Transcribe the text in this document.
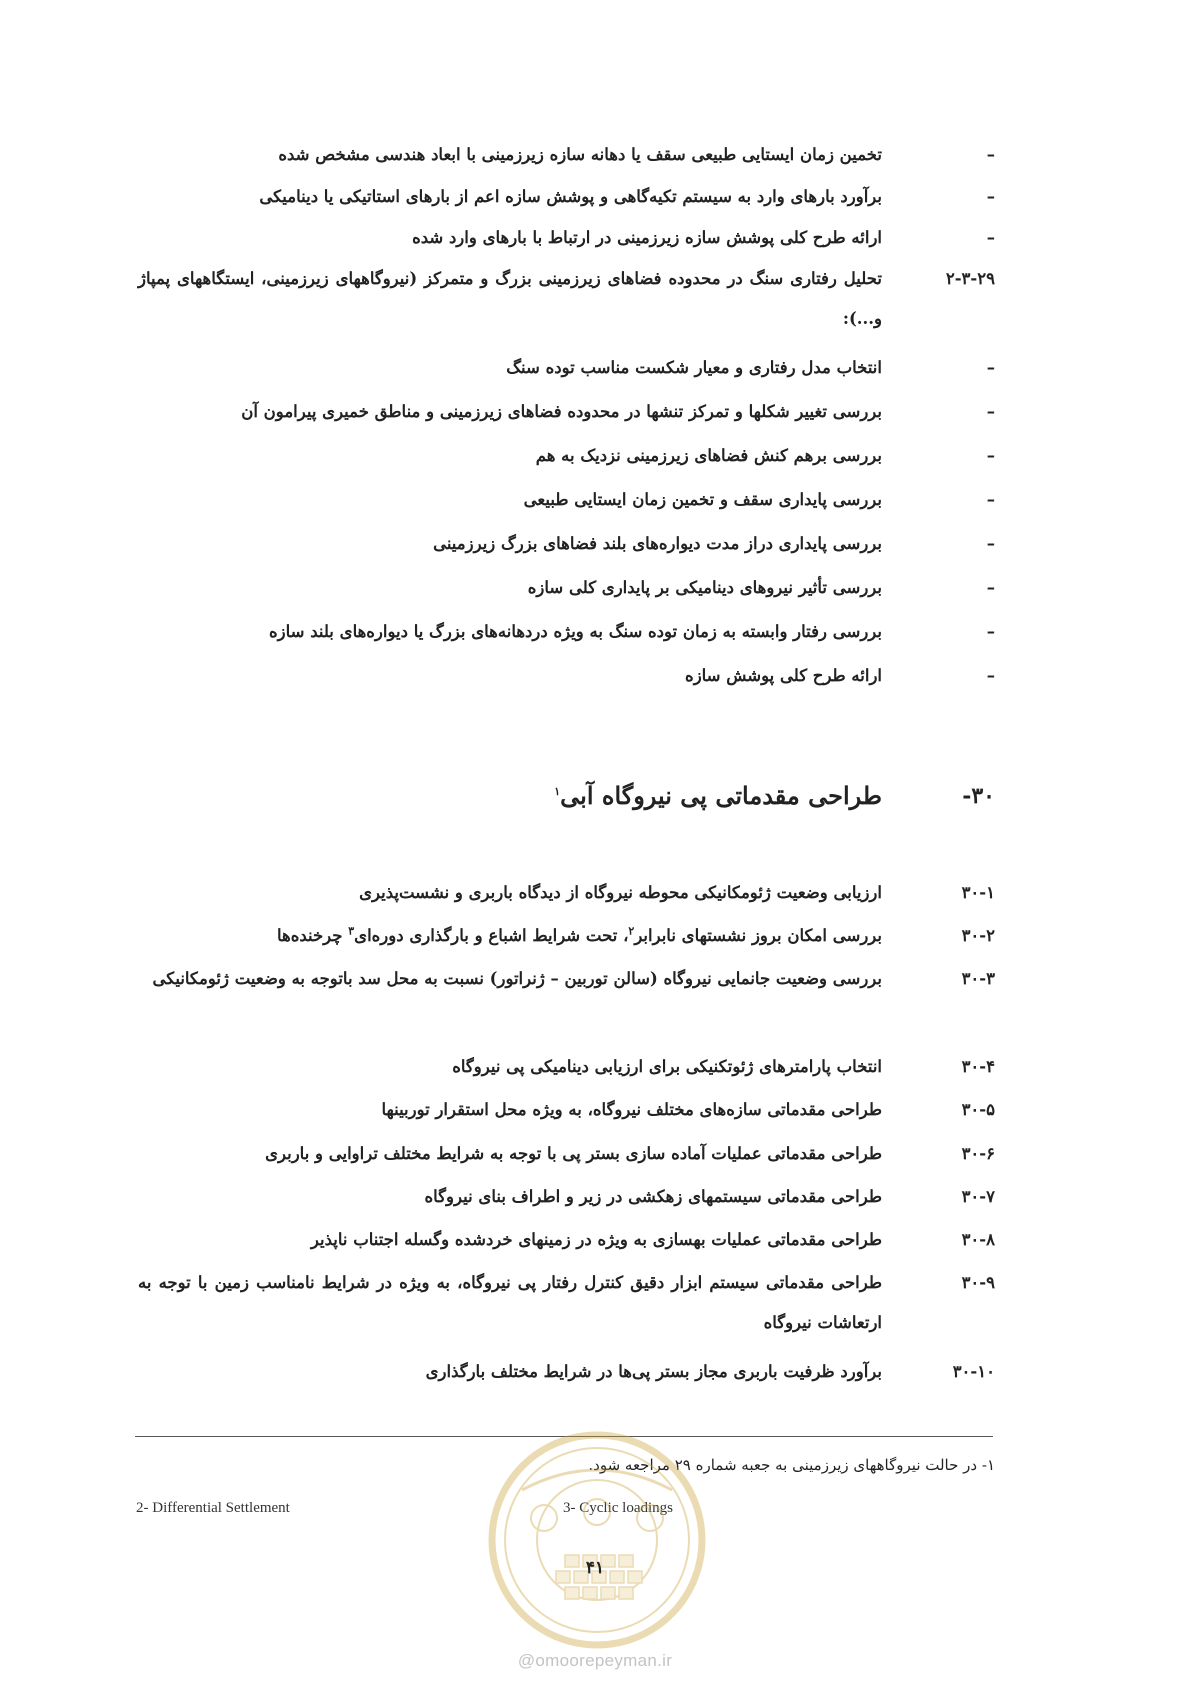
–
تخمین زمان ایستایی طبیعی سقف یا دهانه سازه زیرزمینی با ابعاد هندسی مشخص شده
–
برآورد بارهای وارد به سیستم تکیه‌گاهی و پوشش سازه اعم از بارهای استاتیکی یا دینامیکی
–
ارائه طرح کلی پوشش سازه زیرزمینی در ارتباط با بارهای وارد شده
۲-۳-۲۹
تحلیل رفتاری سنگ در محدوده فضاهای زیرزمینی بزرگ و متمرکز (نیروگاههای زیرزمینی، ایستگاههای پمپاژ و...):
–
انتخاب مدل رفتاری و معیار شکست مناسب توده سنگ
–
بررسی تغییر شکلها و تمرکز تنشها در محدوده فضاهای زیرزمینی و مناطق خمیری پیرامون آن
–
بررسی برهم کنش فضاهای زیرزمینی نزدیک به هم
–
بررسی پایداری سقف و تخمین زمان ایستایی طبیعی
–
بررسی پایداری دراز مدت دیواره‌های بلند فضاهای بزرگ زیرزمینی
–
بررسی تأثیر نیروهای دینامیکی بر پایداری کلی سازه
–
بررسی رفتار وابسته به زمان توده سنگ به ویژه دردهانه‌های بزرگ یا دیواره‌های بلند سازه
–
ارائه طرح کلی پوشش سازه
۳۰-
طراحی مقدماتی پی نیروگاه آبی$^۱$
۳۰-۱
ارزیابی وضعیت ژئومکانیکی محوطه نیروگاه از دیدگاه باربری و نشست‌پذیری
۳۰-۲
بررسی امکان بروز نشستهای نابرابر$^۲$، تحت شرایط اشباع و بارگذاری دوره‌ای$^۳$ چرخنده‌ها
۳۰-۳
بررسی وضعیت جانمایی نیروگاه (سالن توربین – ژنراتور) نسبت به محل سد باتوجه به وضعیت ژئومکانیکی
۳۰-۴
انتخاب پارامترهای ژئوتکنیکی برای ارزیابی دینامیکی پی نیروگاه
۳۰-۵
طراحی مقدماتی سازه‌های مختلف نیروگاه، به ویژه محل استقرار توربینها
۳۰-۶
طراحی مقدماتی عملیات آماده سازی بستر پی با توجه به شرایط مختلف تراوایی و باربری
۳۰-۷
طراحی مقدماتی سیستمهای زهکشی در زیر و اطراف بنای نیروگاه
۳۰-۸
طراحی مقدماتی عملیات بهسازی به ویژه در زمینهای خردشده وگسله اجتناب ناپذیر
۳۰-۹
طراحی مقدماتی سیستم ابزار دقیق کنترل رفتار پی نیروگاه، به ویژه در شرایط نامناسب زمین با توجه به ارتعاشات نیروگاه
۳۰-۱۰
برآورد ظرفیت باربری مجاز بستر پی‌ها در شرایط مختلف بارگذاری
۱- در حالت نیروگاههای زیرزمینی به جعبه شماره ۲۹ مراجعه شود.
2- Differential Settlement	3- Cyclic loadings
۴۱
@omoorepeyman.ir
